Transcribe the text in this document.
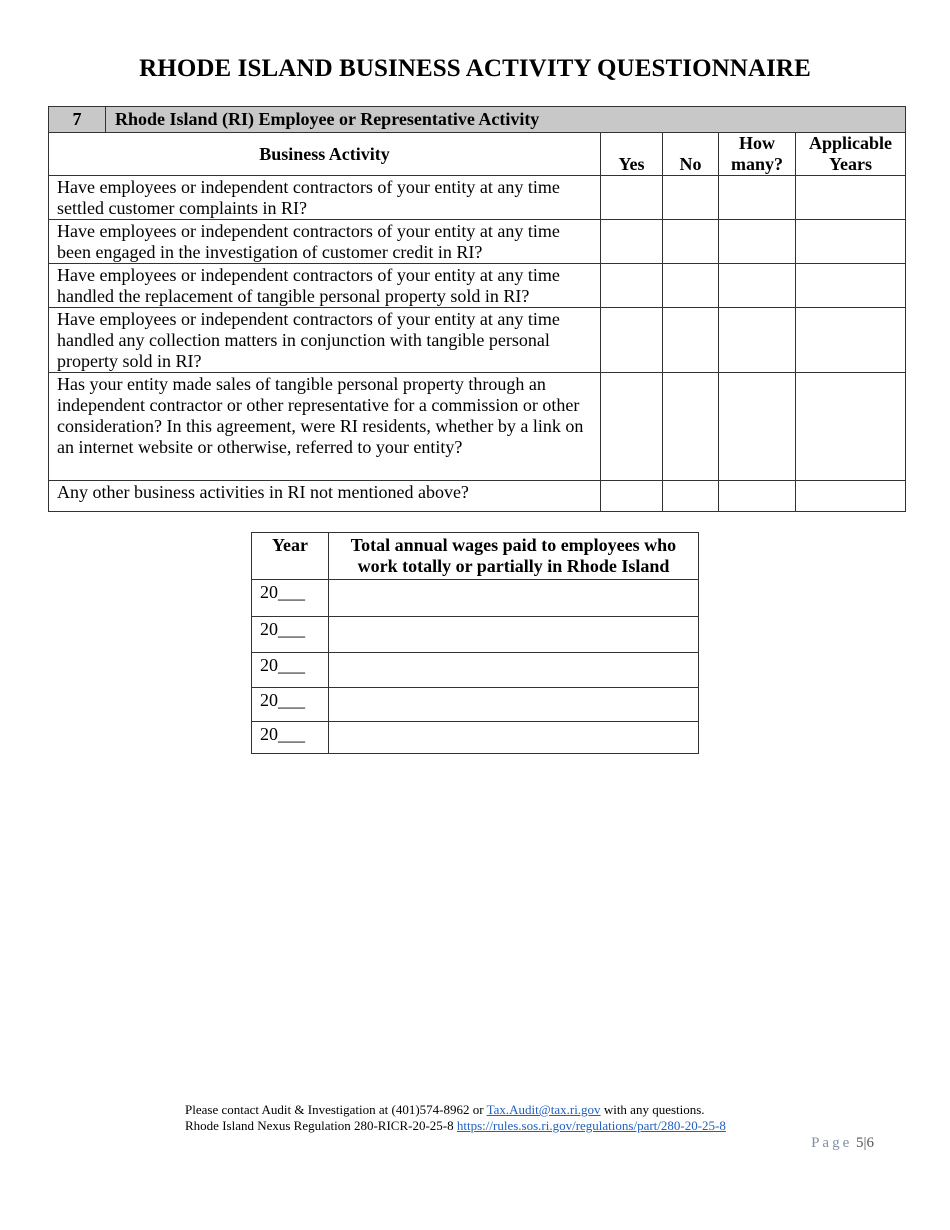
RHODE ISLAND BUSINESS ACTIVITY QUESTIONNAIRE
7	Rhode Island (RI) Employee or Representative Activity				
Business Activity		Yes	No	How many?	Applicable Years
Have employees or independent contractors of your entity at any time settled customer complaints in RI?					
Have employees or independent contractors of your entity at any time been engaged in the investigation of customer credit in RI?					
Have employees or independent contractors of your entity at any time handled the replacement of tangible personal property sold in RI?					
Have employees or independent contractors of your entity at any time handled any collection matters in conjunction with tangible personal property sold in RI?					
Has your entity made sales of tangible personal property through an independent contractor or other representative for a commission or other consideration? In this agreement, were RI residents, whether by a link on an internet website or otherwise, referred to your entity?					
Any other business activities in RI not mentioned above?					
Year	Total annual wages paid to employees who work totally or partially in Rhode Island
20___	
20___	
20___	
20___	
20___	
Please contact Audit & Investigation at (401)574-8962 or Tax.Audit@tax.ri.gov with any questions.
Rhode Island Nexus Regulation 280-RICR-20-25-8 https://rules.sos.ri.gov/regulations/part/280-20-25-8
Page 5|6
